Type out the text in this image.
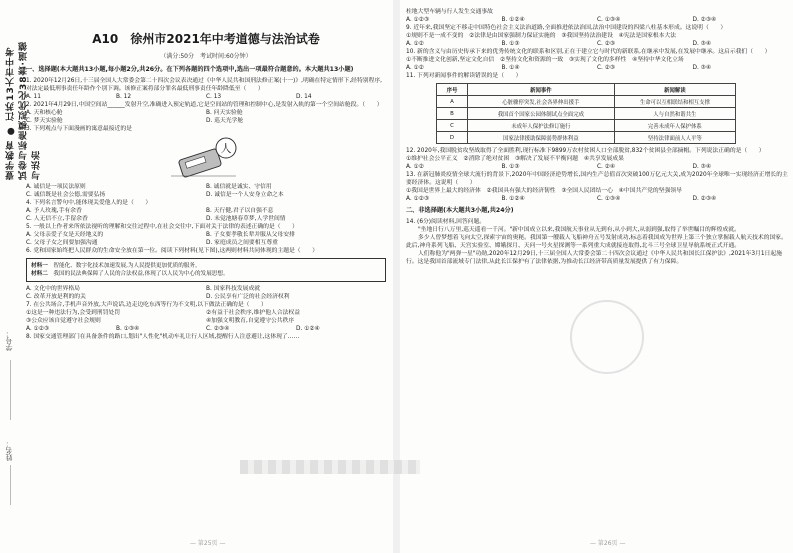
壹学教育 ● 江苏13大市中考试卷与标准模拟优化38套·道德与法治
学号：
姓名：
A10 徐州市2021年中考道德与法治试卷
（满分:50分　考试时间:60分钟）
一、选择题(本大题共13小题,每小题2分,共26分。在下列各题的四个选项中,选出一项最符合题意的。本大题共13小题)

1. 2020年12月26日,十三届全国人大常委会第二十四次会议表决通过《中华人民共和国刑法修正案(十一)》,明确在特定情形下,经特别程序,对法定最低刑事责任年龄作个别下调。该修正案将部分罪名最低刑事责任年龄降低至（　　）

A. 11	B. 12	C. 13	D. 14

2. 2021年4月29日,中国空间站______发射升空,准确进入预定轨道,它是空间站的管理和控制中心,是发射入轨的第一个空间站舱段。（　　）

A. 天和核心舱	B. 问天实验舱
C. 梦天实验舱	D. 巡天光学舱

3. 下列观点与下面漫画的寓意最接近的是

人
A. 诚信是一项民法原则	B. 诚信就是诚实、守信用
C. 诚信既是社会公德,需要弘扬	D. 诚信是一个人安身立命之本

4. 下列名言警句中,能体现关爱他人的是（　　）

A. 予人玫瑰,手有余香	B. 天行健,君子以自强不息
C. 人无信不立,手留余香	D. 未觉池塘春草梦,人学世间情

5. 一般以上作者来所依法视听的理解和交往过程中,在社会交往中,下面对关于法律的表述正确的是（　　）

A. 父母亲爱子女是天经地义的	B. 子女要孝敬长辈并服从父母安排
C. 父母子女之间要加强沟通	D. 家庭成员之间要相互尊重

6. 党和国家始终把人民群众的生命安全放在第一位。阅读下列材料(见下图),这两则材料共同体现的主题是（　　）

材料一　 智能化、数字化技术加速发展,为人民提供更加优质的服务。
材料二　 我国的民法典保障了人民的合法权益,体现了以人民为中心的发展思想。
A. 文化中的世界格局	B. 国家科技发展成就
C. 改革开放是利的的关	D. 公民享有广泛的社会经济权利

7. 在公共场合,手机声音外放,大声说话,边走边吃东西等行为不文明,以下做法正确的是（　　）

①这是一种违法行为,会受到刑罚处罚	②有益于社会秩序,维护他人合法权益
③公众应该自觉遵守社会规则	④加强文明教育,自觉遵守公共秩序
A. ①②③	B. ①③④	C. ②③④	D. ①②④

8. 国家交通管理部门在具备条件的路口,划出"人性化"机动车礼让行人区域,提醒行人注意避让,这体现了……

— 第25页 —

柱地大型车辆与行人发生交通事故

A. ①②③	B. ①②④	C. ①③④	D. ②③④

9. 近年来,我国坚定不移走中国特色社会主义法治道路,全面推进依法治国,法治中国建设的四梁八柱基本形成。这说明（　　）

①规则不是一成不变的　②法律是由国家强制力保证实施的　③我国坚持法治建设　④宪法是国家根本大法

A. ①②	B. ①③	C. ②③	D. ③④

10. 新的含义与由历史传承下来的优秀传统文化的联系和区别,正在于建立它与时代的新联系,在继承中发展,在发展中继承。这启示我们（　　）

①不断推进文化创新,坚定文化自信　②坚持文化和资源的一致　③实现了文化的多样性　④坚持中华文化立场

A. ①②	B. ①④	C. ②③	D. ③④

11. 下列对新闻事件的解读错误的是（　　）

序号	新闻事件	新闻解读
A	心脏骤停突发,社会各界伸出援手	生命可以互相联结和相互支撑
B	我国首个国家公园体制试点全面完成	人与自然和谐共生
C	未成年人保护法修订施行	完善未成年人保护体系
D	国家法律援助保障弱势群体利益	坚持法律面前人人平等

12. 2020年,我国脱贫攻坚战取得了全面胜利,现行标准下9899万农村贫困人口全部脱贫,832个贫困县全部摘帽。下列说法正确的是（　　）

①维护社会公平正义　②消除了绝对贫困　③解决了发展不平衡问题　④共享发展成果

A. ①②	B. ①③	C. ②④	D. ③④

13. 在新冠肺炎疫情全球大流行的背景下,2020年中国经济逆势增长,国内生产总值首次突破100万亿元大关,成为2020年全球唯一实现经济正增长的主要经济体。这说明（　　）

①我国是世界上最大的经济体　②我国具有强大的经济韧性　③全国人民团结一心　④中国共产党的坚强领导

A. ①②③	B. ①②④	C. ①③④	D. ②③④
二、非选择题(本大题共3小题,共24分)

14. (6分)阅读材料,回答问题。

"坐地日行八万里,巡天遥看一千河。"新中国成立以来,我国航天事业从无到有,从小到大,从弱到强,取得了举世瞩目的辉煌成就。

多少人曾梦想着飞向太空,探索宇宙的奥秘。我国第一艘载人飞船神舟五号发射成功,标志着我国成为世界上第三个独立掌握载人航天技术的国家。此后,神舟系列飞船、天宫实验室、嫦娥探月、天问一号火星探测等一系列重大成就接连取得,北斗三号全球卫星导航系统正式开通。

人们称他为"两弹一星"功勋,2020年12月29日,十三届全国人大常委会第二十四次会议通过《中华人民共和国长江保护法》,2021年3月1日起施行。这是我国首部流域专门法律,从此长江保护有了法律依据,为推动长江经济带高质量发展提供了有力保障。

— 第26页 —
